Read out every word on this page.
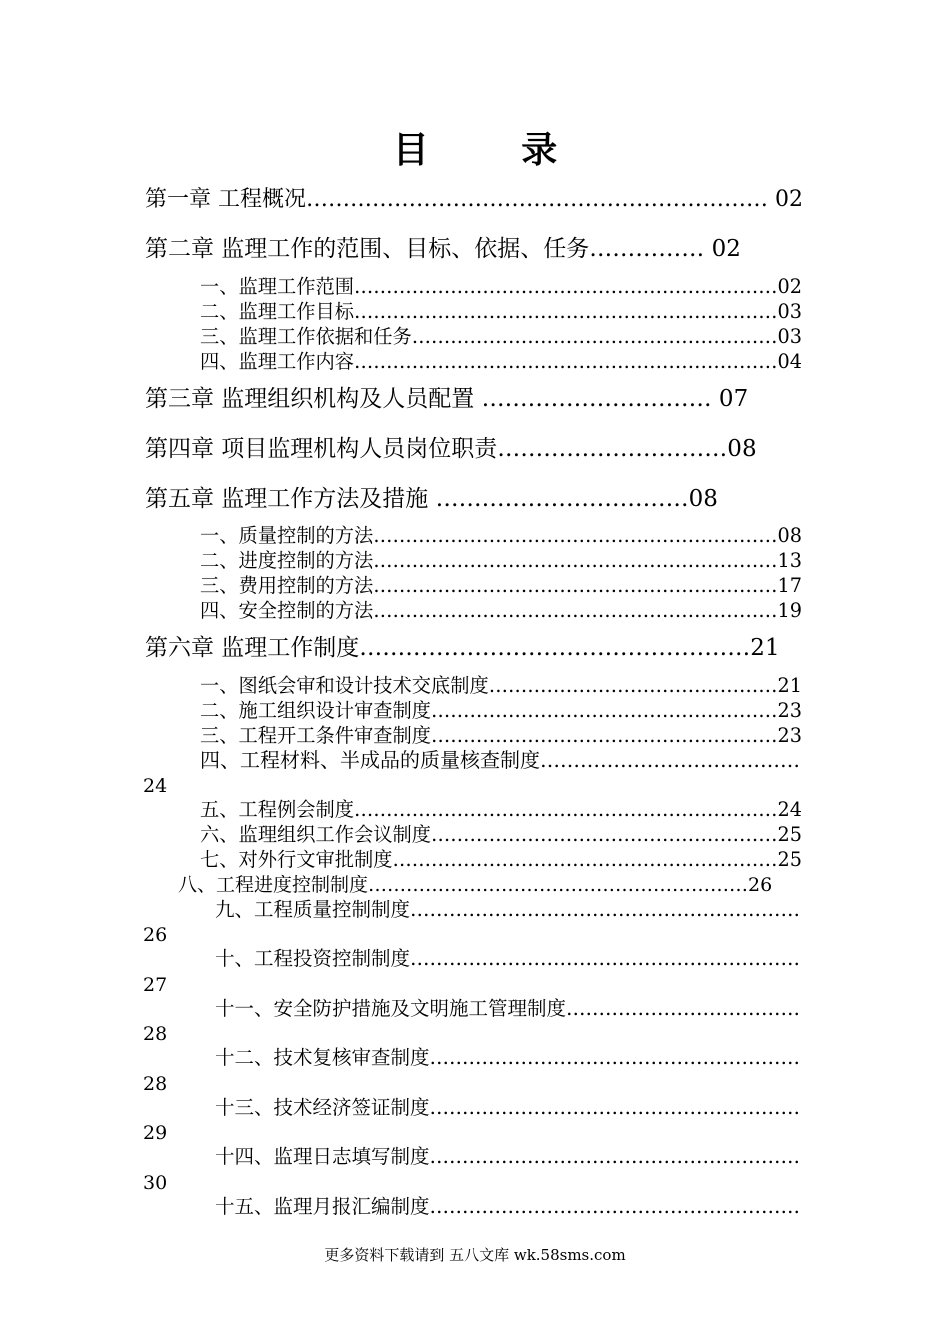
目 录
第一章 工程概况……………………………………………………… 02
第二章 监理工作的范围、目标、依据、任务…………… 02
一、监理工作范围…………………………………………………………02
二、监理工作目标…………………………………………………………03
三、监理工作依据和任务…………………………………………………03
四、监理工作内容…………………………………………………………04
第三章 监理组织机构及人员配置 ………………………… 07
第四章 项目监理机构人员岗位职责…………………………08
第五章 监理工作方法及措施 ……………………………08
一、质量控制的方法………………………………………………………08
二、进度控制的方法………………………………………………………13
三、费用控制的方法………………………………………………………17
四、安全控制的方法………………………………………………………19
第六章 监理工作制度……………………………………………21
一、图纸会审和设计技术交底制度………………………………………21
二、施工组织设计审查制度………………………………………………23
三、工程开工条件审查制度………………………………………………23
四、工程材料、半成品的质量核查制度…………………………………
24
五、工程例会制度…………………………………………………………24
六、监理组织工作会议制度………………………………………………25
七、对外行文审批制度……………………………………………………25
八、工程进度控制制度……………………………………………………26
九、工程质量控制制度……………………………………………………
26
十、工程投资控制制度……………………………………………………
27
十一、安全防护措施及文明施工管理制度………………………………
28
十二、技术复核审查制度…………………………………………………
28
十三、技术经济签证制度…………………………………………………
29
十四、监理日志填写制度…………………………………………………
30
十五、监理月报汇编制度…………………………………………………
更多资料下载请到 五八文库 wk.58sms.com
